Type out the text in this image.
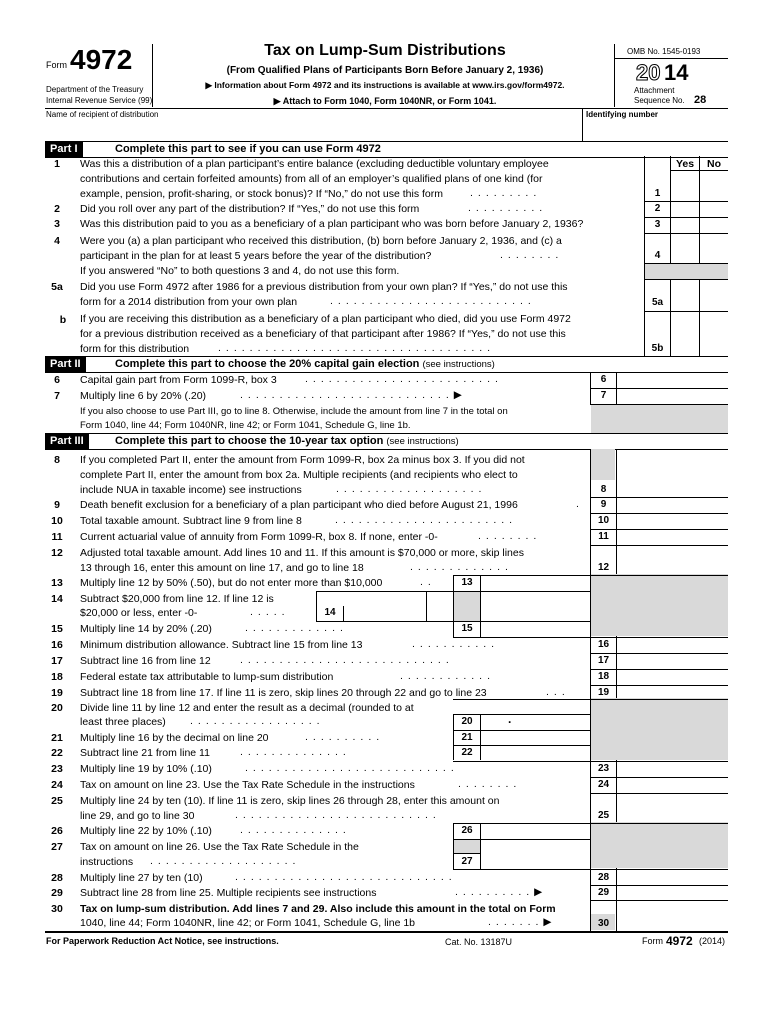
Form 4972
Department of the Treasury
Internal Revenue Service (99)
Tax on Lump-Sum Distributions
(From Qualified Plans of Participants Born Before January 2, 1936)
▶ Information about Form 4972 and its instructions is available at www.irs.gov/form4972.
▶ Attach to Form 1040, Form 1040NR, or Form 1041.
OMB No. 1545-0193
20 14
Attachment
Sequence No. 28
Name of recipient of distribution	Identifying number
Part I	Complete this part to see if you can use Form 4972
Yes	No
1	Was this a distribution of a plan participant’s entire balance (excluding deductible voluntary employee
contributions and certain forfeited amounts) from all of an employer’s qualified plans of one kind (for
example, pension, profit-sharing, or stock bonus)? If “No,” do not use this form	.........	1
2	Did you roll over any part of the distribution? If “Yes,” do not use this form	..........	2
3	Was this distribution paid to you as a beneficiary of a plan participant who was born before January 2, 1936?	3
4	Were you (a) a plan participant who received this distribution, (b) born before January 2, 1936, and (c) a
participant in the plan for at least 5 years before the year of the distribution?	........	4
If you answered “No” to both questions 3 and 4, do not use this form.
5a	Did you use Form 4972 after 1986 for a previous distribution from your own plan? If “Yes,” do not use this
form for a 2014 distribution from your own plan	..........................	5a
b	If you are receiving this distribution as a beneficiary of a plan participant who died, did you use Form 4972
for a previous distribution received as a beneficiary of that participant after 1986? If “Yes,” do not use this
form for this distribution	...................................	5b
Part II	Complete this part to choose the 20% capital gain election (see instructions)
6	Capital gain part from Form 1099-R, box 3	.........................	6
7	Multiply line 6 by 20% (.20)	...........................▶	7
If you also choose to use Part III, go to line 8. Otherwise, include the amount from line 7 in the total on
Form 1040, line 44; Form 1040NR, line 42; or Form 1041, Schedule G, line 1b.
Part III	Complete this part to choose the 10-year tax option (see instructions)
8	If you completed Part II, enter the amount from Form 1099-R, box 2a minus box 3. If you did not
complete Part II, enter the amount from box 2a. Multiple recipients (and recipients who elect to
include NUA in taxable income) see instructions	...................	8
9	Death benefit exclusion for a beneficiary of a plan participant who died before August 21, 1996	.	9
10	Total taxable amount. Subtract line 9 from line 8	.......................	10
11	Current actuarial value of annuity from Form 1099-R, box 8. If none, enter -0-	........	11
12	Adjusted total taxable amount. Add lines 10 and 11. If this amount is $70,000 or more, skip lines
13 through 16, enter this amount on line 17, and go to line 18	.............	12
13	Multiply line 12 by 50% (.50), but do not enter more than $10,000	..	13
14	Subtract $20,000 from line 12. If line 12 is
$20,000 or less, enter -0-	.....	14
15	Multiply line 14 by 20% (.20)	.............	15
16	Minimum distribution allowance. Subtract line 15 from line 13	...........	16
17	Subtract line 16 from line 12	...........................	17
18	Federal estate tax attributable to lump-sum distribution	............	18
19	Subtract line 18 from line 17. If line 11 is zero, skip lines 20 through 22 and go to line 23	...	19
20	Divide line 11 by line 12 and enter the result as a decimal (rounded to at
least three places) .................	20	.
21	Multiply line 16 by the decimal on line 20	..........	21
22	Subtract line 21 from line 11	..............	22
23	Multiply line 19 by 10% (.10)	...........................	23
24	Tax on amount on line 23. Use the Tax Rate Schedule in the instructions	........	24
25	Multiply line 24 by ten (10). If line 11 is zero, skip lines 26 through 28, enter this amount on
line 29, and go to line 30	..........................	25
26	Multiply line 22 by 10% (.10)	..............	26
27	Tax on amount on line 26. Use the Tax Rate Schedule in the
instructions ...................	27
28	Multiply line 27 by ten (10)	............................	28
29	Subtract line 28 from line 25. Multiple recipients see instructions	..........▶	29
30	Tax on lump-sum distribution. Add lines 7 and 29. Also include this amount in the total on Form
1040, line 44; Form 1040NR, line 42; or Form 1041, Schedule G, line 1b	.......▶	30
For Paperwork Reduction Act Notice, see instructions.	Cat. No. 13187U	Form 4972 (2014)
